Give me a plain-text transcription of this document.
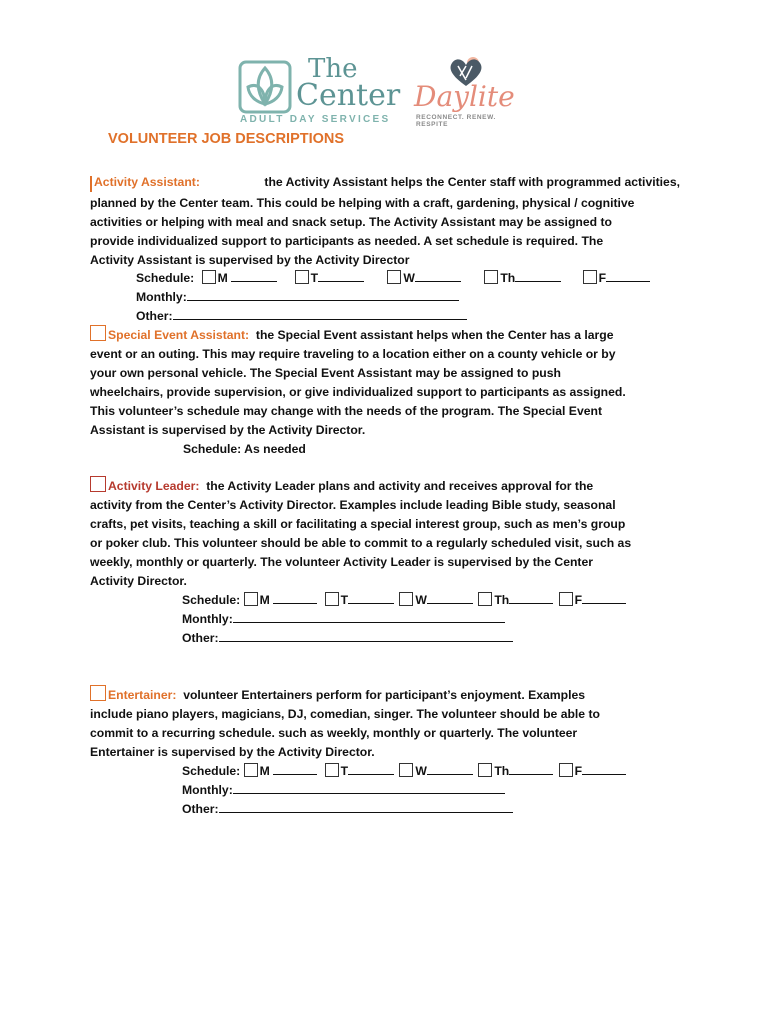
The
Center
ADULT DAY SERVICES
Daylite
RECONNECT. RENEW. RESPITE
VOLUNTEER JOB DESCRIPTIONS
Activity Assistant:	the Activity Assistant helps the Center staff with programmed activities,
planned by the Center team. This could be helping with a craft, gardening, physical / cognitive
activities or helping with meal and snack setup. The Activity Assistant may be assigned to
provide individualized support to participants as needed. A set schedule is required. The
Activity Assistant is supervised by the Activity Director
Schedule: M	T	W	Th	F
Monthly:
Other:
Special Event Assistant: the Special Event assistant helps when the Center has a large
event or an outing. This may require traveling to a location either on a county vehicle or by
your own personal vehicle. The Special Event Assistant may be assigned to push
wheelchairs, provide supervision, or give individualized support to participants as assigned.
This volunteer’s schedule may change with the needs of the program. The Special Event
Assistant is supervised by the Activity Director.
Schedule: As needed
Activity Leader: the Activity Leader plans and activity and receives approval for the
activity from the Center’s Activity Director. Examples include leading Bible study, seasonal
crafts, pet visits, teaching a skill or facilitating a special interest group, such as men’s group
or poker club. This volunteer should be able to commit to a regularly scheduled visit, such as
weekly, monthly or quarterly. The volunteer Activity Leader is supervised by the Center
Activity Director.
Schedule: M	T	W	Th	F
Monthly:
Other:
Entertainer: volunteer Entertainers perform for participant’s enjoyment. Examples
include piano players, magicians, DJ, comedian, singer. The volunteer should be able to
commit to a recurring schedule. such as weekly, monthly or quarterly. The volunteer
Entertainer is supervised by the Activity Director.
Schedule: M	T	W	Th	F
Monthly:
Other:
